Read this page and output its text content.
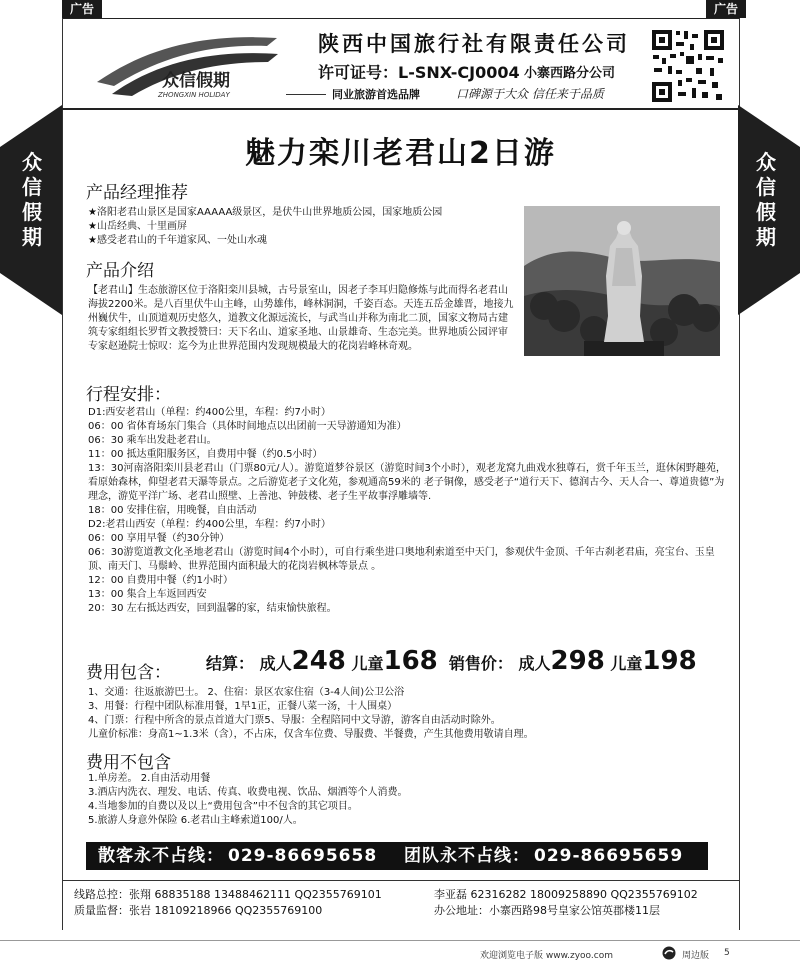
广告	广告
众信假期
众信假期
众信假期
ZHONGXIN HOLIDAY
陕西中国旅行社有限责任公司
许可证号：L-SNX-CJ0004 小寨西路分公司
同业旅游首选品牌	口碑源于大众 信任来于品质
魅力栾川老君山2日游
产品经理推荐
★洛阳老君山景区是国家AAAAA级景区，是伏牛山世界地质公园，国家地质公园
★山岳经典、十里画屏
★感受老君山的千年道家风、一处山水魂
产品介绍
【老君山】生态旅游区位于洛阳栾川县城，古号景室山，因老子李耳归隐修炼与此而得名老君山海拔2200米。是八百里伏牛山主峰，山势雄伟，峰林洞洞，千姿百态。天连五岳金雄晋，地接九州巍伏牛，山顶道观历史悠久，道教文化源远流长，与武当山并称为南北二顶，国家文物局古建筑专家组组长罗哲文教授赞曰：天下名山、道家圣地、山景雄奇、生态完美。世界地质公园评审专家赵逊院士惊叹：迄今为止世界范围内发现规模最大的花岗岩峰林奇观。
行程安排：
D1:西安老君山（单程：约400公里，车程：约7小时）
06：00 省体育场东门集合（具体时间地点以出团前一天导游通知为准）
06：30 乘车出发赴老君山。
11：00 抵达重阳服务区，自费用中餐（约0.5小时）
13：30河南洛阳栾川县老君山（门票80元/人）。游览道梦谷景区（游览时间3个小时），观老龙窝九曲戏水独尊石，赏千年玉兰，逛休闲野趣苑，看原始森林，仰望老君天瀑等景点。之后游览老子文化苑，参观通高59米的 老子铜像，感受老子“道行天下、德润古今、天人合一、尊道贵德”为理念，游览平洋广场、老君山照壁、上善池、钟鼓楼、老子生平故事浮雕墙等.
18：00 安排住宿，用晚餐，自由活动
D2:老君山西安（单程：约400公里，车程：约7小时）
06：00 享用早餐（约30分钟）
06：30游览道教文化圣地老君山（游览时间4个小时），可自行乘坐进口奥地利索道至中天门，参观伏牛金顶、千年古刹老君庙，亮宝台、玉皇顶、南天门、马鬃岭、世界范围内面积最大的花岗岩枫林等景点 。
12：00 自费用中餐（约1小时）
13：00 集合上车返回西安
20：30 左右抵达西安，回到温馨的家，结束愉快旅程。
费用包含： 结算： 成人248 儿童168 销售价： 成人298 儿童198
1、交通：往返旅游巴士。 2、住宿：景区农家住宿（3-4人间)公卫公浴
3、用餐：行程中团队标准用餐，1早1正，正餐八菜一汤，十人围桌）
4、门票：行程中所含的景点首道大门票5、导服：全程陪同中文导游，游客自由活动时除外。
儿童价标准：身高1~1.3米（含），不占床，仅含车位费、导服费、半餐费，产生其他费用敬请自理。
费用不包含
1.单房差。 2.自由活动用餐
3.酒店内洗衣、理发、电话、传真、收费电视、饮品、烟酒等个人消费。
4.当地参加的自费以及以上“费用包含”中不包含的其它项目。
5.旅游人身意外保险 6.老君山主峰索道100/人。
散客永不占线： 029-86695658 团队永不占线： 029-86695659
线路总控：张翔 68835188 13488462111 QQ2355769101	李亚磊 62316282 18009258890 QQ2355769102
质量监督：张岩 18109218966 QQ2355769100	办公地址：小寨西路98号皇家公馆英郡楼11层
欢迎浏览电子版 www.zyoo.com	周边版 5
